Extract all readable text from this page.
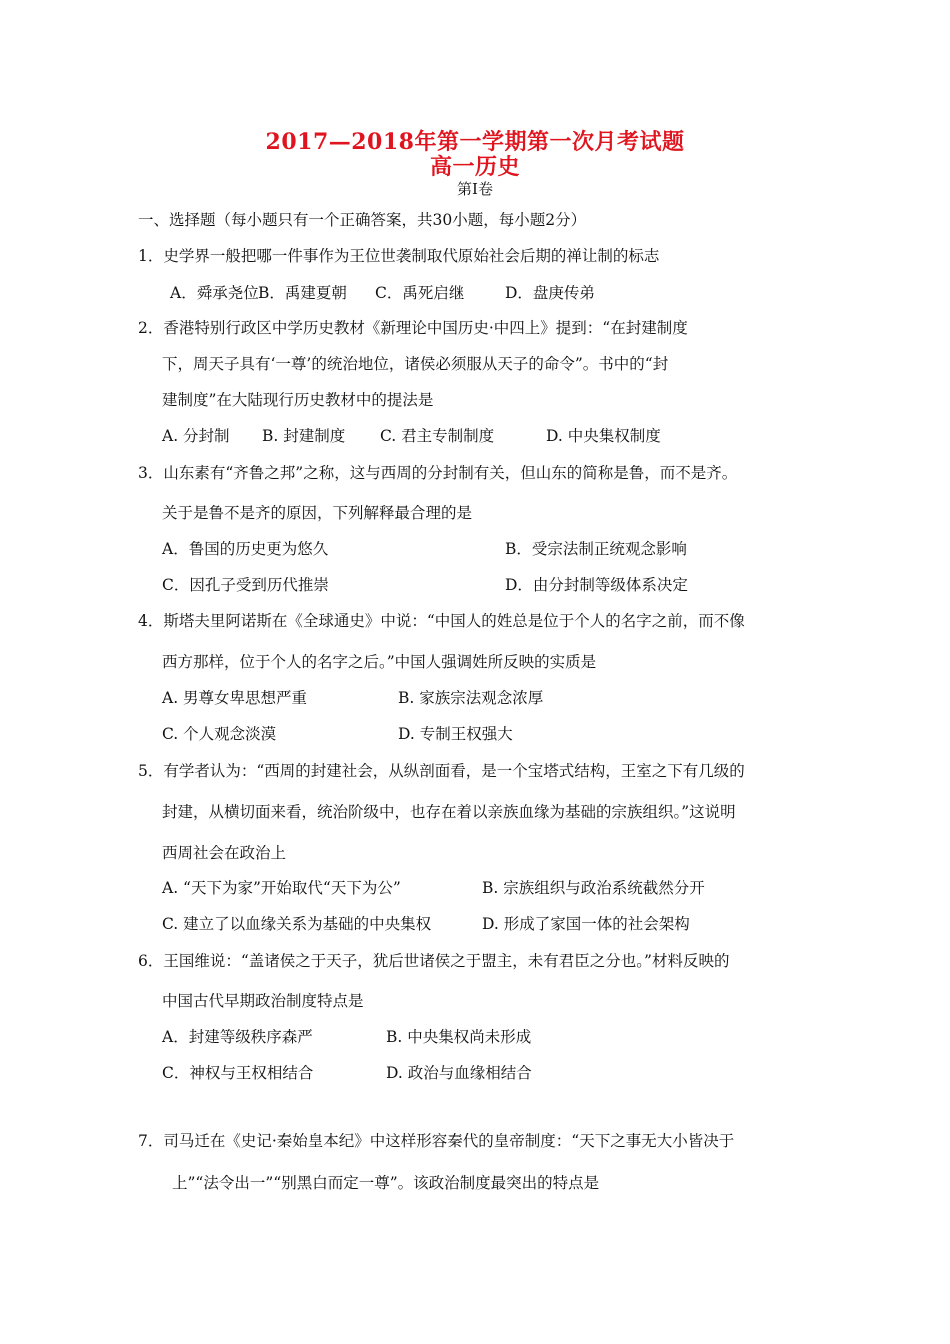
2017—2018年第一学期第一次月考试题
高一历史
第Ⅰ卷
一、选择题（每小题只有一个正确答案，共30小题，每小题2分）
1．史学界一般把哪一件事作为王位世袭制取代原始社会后期的禅让制的标志
A．舜承尧位 B．禹建夏朝 C．禹死启继	D．盘庚传弟
2．香港特别行政区中学历史教材《新理论中国历史·中四上》提到：“在封建制度
下，周天子具有‘一尊’的统治地位，诸侯必须服从天子的命令”。书中的“封
建制度”在大陆现行历史教材中的提法是
A. 分封制 B. 封建制度 C. 君主专制制度	D. 中央集权制度
3．山东素有“齐鲁之邦”之称，这与西周的分封制有关，但山东的简称是鲁，而不是齐。
关于是鲁不是齐的原因，下列解释最合理的是
A．鲁国的历史更为悠久	B．受宗法制正统观念影响
C．因孔子受到历代推崇	D．由分封制等级体系决定
4．斯塔夫里阿诺斯在《全球通史》中说：“中国人的姓总是位于个人的名字之前，而不像
西方那样，位于个人的名字之后。”中国人强调姓所反映的实质是
A. 男尊女卑思想严重	B. 家族宗法观念浓厚
C. 个人观念淡漠	D. 专制王权强大
5．有学者认为：“西周的封建社会，从纵剖面看，是一个宝塔式结构，王室之下有几级的
封建，从横切面来看，统治阶级中，也存在着以亲族血缘为基础的宗族组织。”这说明
西周社会在政治上
A. “天下为家”开始取代“天下为公”	B. 宗族组织与政治系统截然分开
C. 建立了以血缘关系为基础的中央集权	D. 形成了家国一体的社会架构
6．王国维说：“盖诸侯之于天子，犹后世诸侯之于盟主，未有君臣之分也。”材料反映的
中国古代早期政治制度特点是
A．封建等级秩序森严	B. 中央集权尚未形成
C．神权与王权相结合	D. 政治与血缘相结合
7．司马迁在《史记·秦始皇本纪》中这样形容秦代的皇帝制度：“天下之事无大小皆决于
上”“法令出一”“别黑白而定一尊”。该政治制度最突出的特点是
